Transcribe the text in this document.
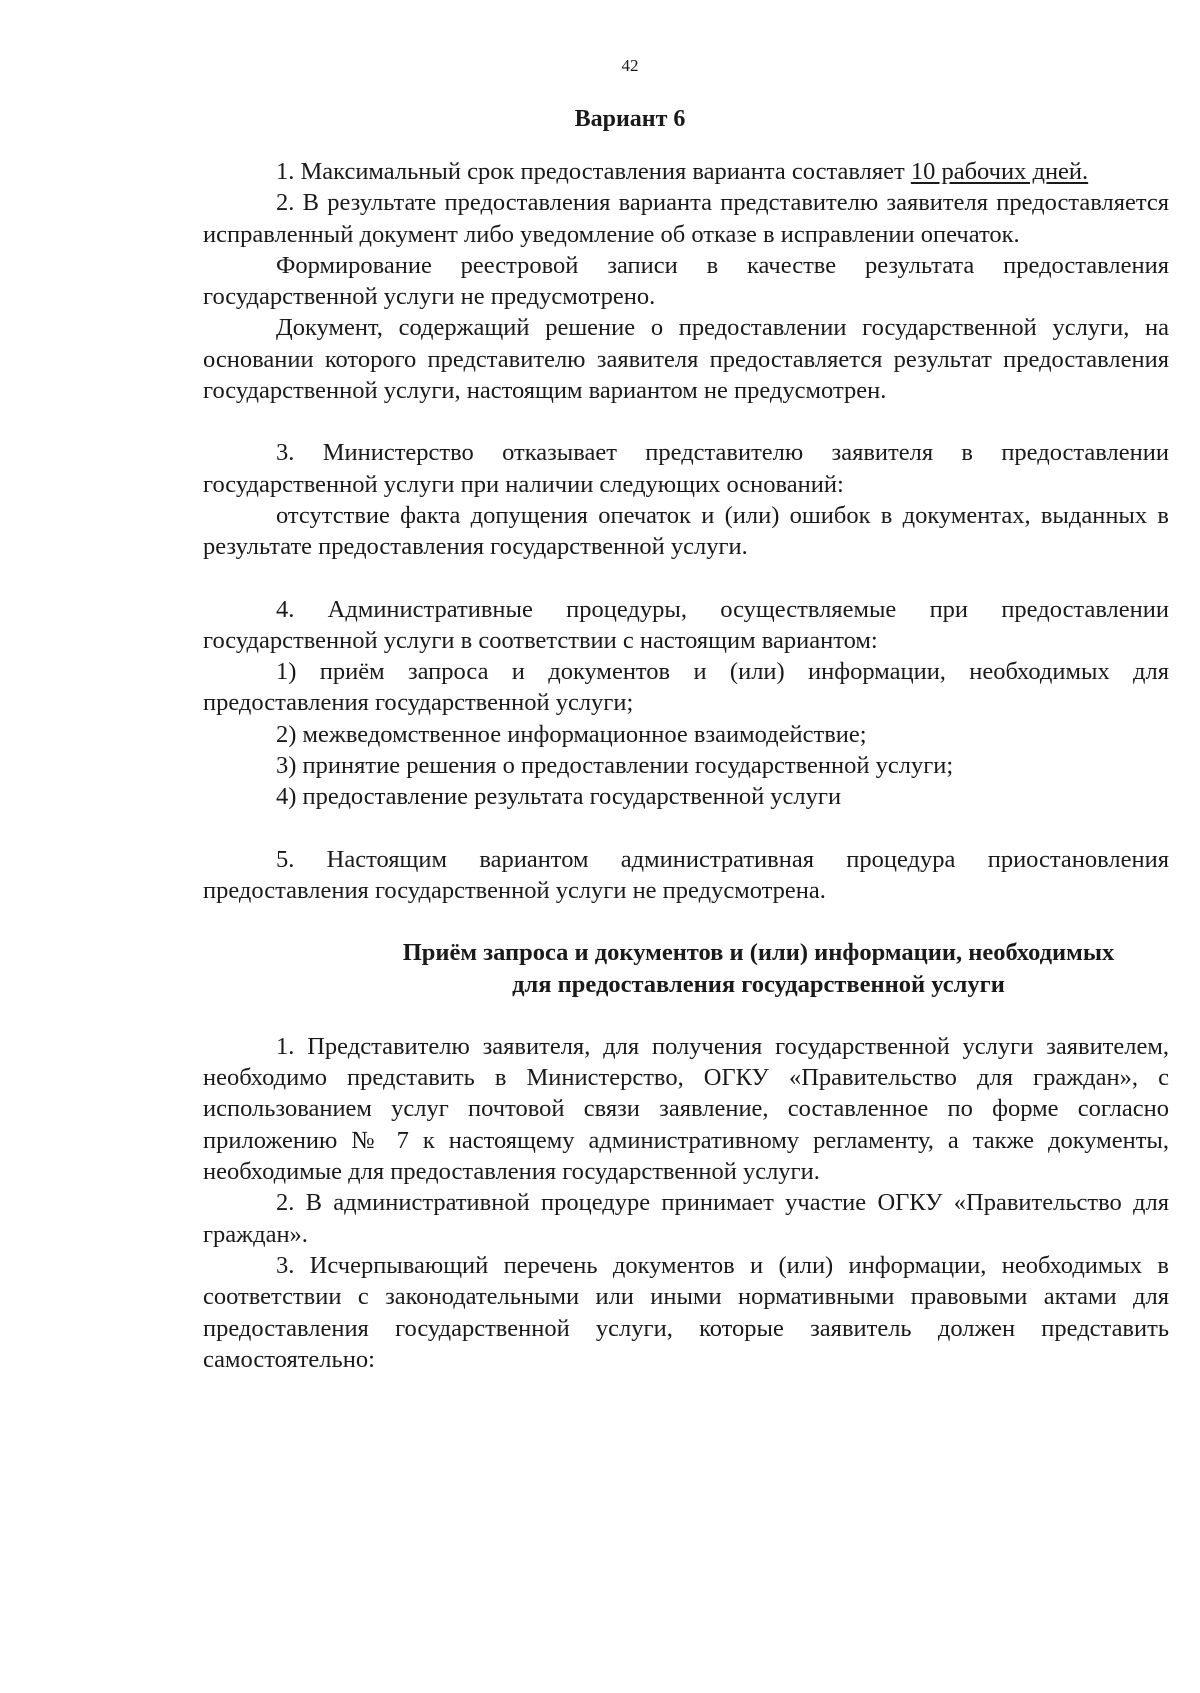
42
Вариант 6

1. Максимальный срок предоставления варианта составляет 10 рабочих дней.

2. В результате предоставления варианта представителю заявителя предоставляется исправленный документ либо уведомление об отказе в исправлении опечаток.

Формирование реестровой записи в качестве результата предоставления государственной услуги не предусмотрено.

Документ, содержащий решение о предоставлении государственной услуги, на основании которого представителю заявителя предоставляется результат предоставления государственной услуги, настоящим вариантом не предусмотрен.

3. Министерство отказывает представителю заявителя в предоставлении государственной услуги при наличии следующих оснований:

отсутствие факта допущения опечаток и (или) ошибок в документах, выданных в результате предоставления государственной услуги.

4. Административные процедуры, осуществляемые при предоставлении государственной услуги в соответствии с настоящим вариантом:

1) приём запроса и документов и (или) информации, необходимых для предоставления государственной услуги;

2) межведомственное информационное взаимодействие;

3) принятие решения о предоставлении государственной услуги;

4) предоставление результата государственной услуги

5. Настоящим вариантом административная процедура приостановления предоставления государственной услуги не предусмотрена.

Приём запроса и документов и (или) информации, необходимых
для предоставления государственной услуги

1. Представителю заявителя, для получения государственной услуги заявителем, необходимо представить в Министерство, ОГКУ «Правительство для граждан», с использованием услуг почтовой связи заявление, составленное по форме согласно приложению № 7 к настоящему административному регламенту, а также документы, необходимые для предоставления государственной услуги.

2. В административной процедуре принимает участие ОГКУ «Правительство для граждан».

3. Исчерпывающий перечень документов и (или) информации, необходимых в соответствии с законодательными или иными нормативными правовыми актами для предоставления государственной услуги, которые заявитель должен представить самостоятельно:
